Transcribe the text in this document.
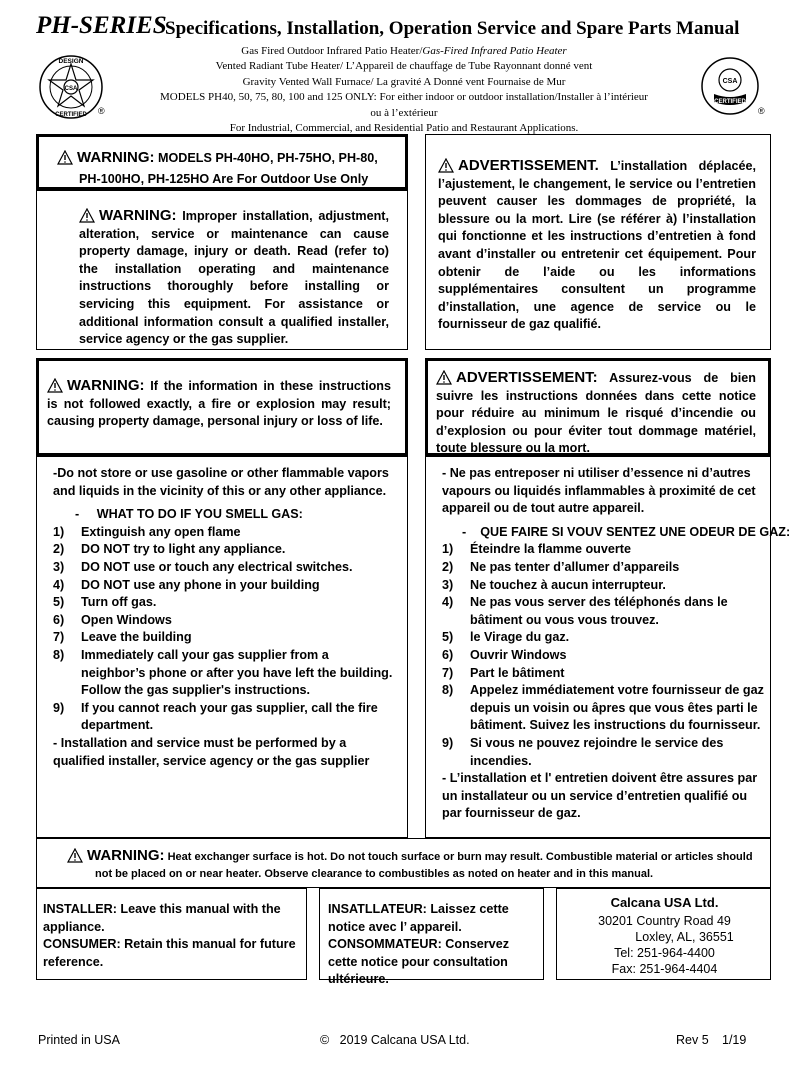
PH-SERIES
Specifications, Installation, Operation Service and Spare Parts Manual
CSA
DESIGN
CERTIFIED ®
Gas Fired Outdoor Infrared Patio Heater/Gas-Fired Infrared Patio Heater
Vented Radiant Tube Heater/ L’Appareil de chauffage de Tube Rayonnant donné vent
Gravity Vented Wall Furnace/ La gravité A Donné vent Fournaise de Mur
MODELS PH40, 50, 75, 80, 100 and 125 ONLY: For either indoor or outdoor installation/Installer à l’intérieur
ou à l’extérieur
For Industrial, Commercial, and Residential Patio and Restaurant Applications.
CSA
CERTIFIED
®
WARNING: MODELS PH-40HO, PH-75HO, PH-80,
PH-100HO, PH-125HO Are For Outdoor Use Only
WARNING: Improper installation, adjustment, alteration, service or maintenance can cause property damage, injury or death. Read (refer to) the installation operating and maintenance instructions thoroughly before installing or servicing this equipment. For assistance or additional information consult a qualified installer, service agency or the gas supplier.
ADVERTISSEMENT. L’installation déplacée, l’ajustement, le changement, le service ou l’entretien peuvent causer les dommages de propriété, la blessure ou la mort. Lire (se référer à) l’installation qui fonctionne et les instructions d’entretien à fond avant d’installer ou entretenir cet équipement. Pour obtenir de l’aide ou les informations supplémentaires consultent un programme d’installation, une agence de service ou le fournisseur de gaz qualifié.
WARNING: If the information in these instructions is not followed exactly, a fire or explosion may result; causing property damage, personal injury or loss of life.
ADVERTISSEMENT: Assurez-vous de bien suivre les instructions données dans cette notice pour réduire au minimum le risqué d’incendie ou d’explosion ou pour éviter tout dommage matériel, toute blessure ou la mort.
-Do not store or use gasoline or other flammable vapors and liquids in the vicinity of this or any other appliance.
-     WHAT TO DO IF YOU SMELL GAS:
1) Extinguish any open flame
2) DO NOT try to light any appliance.
3) DO NOT use or touch any electrical switches.
4) DO NOT use any phone in your building
5) Turn off gas.
6) Open Windows
7) Leave the building
8) Immediately call your gas supplier from a neighbor’s phone or after you have left the building. Follow the gas supplier's instructions.
9) If you cannot reach your gas supplier, call the fire department.
- Installation and service must be performed by a qualified installer, service agency or the gas supplier
- Ne pas entreposer ni utiliser d’essence ni d’autres vapours ou liquidés inflammables à proximité de cet appareil ou de tout autre appareil.
-    QUE FAIRE SI VOUV SENTEZ UNE ODEUR DE GAZ:
1) Éteindre la flamme ouverte
2) Ne pas tenter d’allumer d’appareils
3) Ne touchez à aucun interrupteur.
4) Ne pas vous server des téléphonés dans le bâtiment ou vous vous trouvez.
5) le Virage du gaz.
6) Ouvrir Windows
7) Part le bâtiment
8) Appelez immédiatement votre fournisseur de gaz depuis un voisin ou âpres que vous êtes parti le bâtiment. Suivez les instructions du fournisseur.
9) Si vous ne pouvez rejoindre le service des incendies.
- L’installation et l' entretien doivent être assures par un installateur ou un service d’entretien qualifié ou par fournisseur de gaz.
WARNING: Heat exchanger surface is hot. Do not touch surface or burn may result. Combustible material or articles should
not be placed on or near heater. Observe clearance to combustibles as noted on heater and in this manual.
INSTALLER: Leave this manual with the appliance.
CONSUMER: Retain this manual for future reference.
INSATLLATEUR: Laissez cette notice avec l’ appareil.
CONSOMMATEUR: Conservez cette notice pour consultation ultérieure.
Calcana USA Ltd.
30201 Country Road 49
Loxley, AL, 36551
Tel: 251-964-4400
Fax: 251-964-4404
Printed in USA	©   2019 Calcana USA Ltd.	Rev 5 1/19
